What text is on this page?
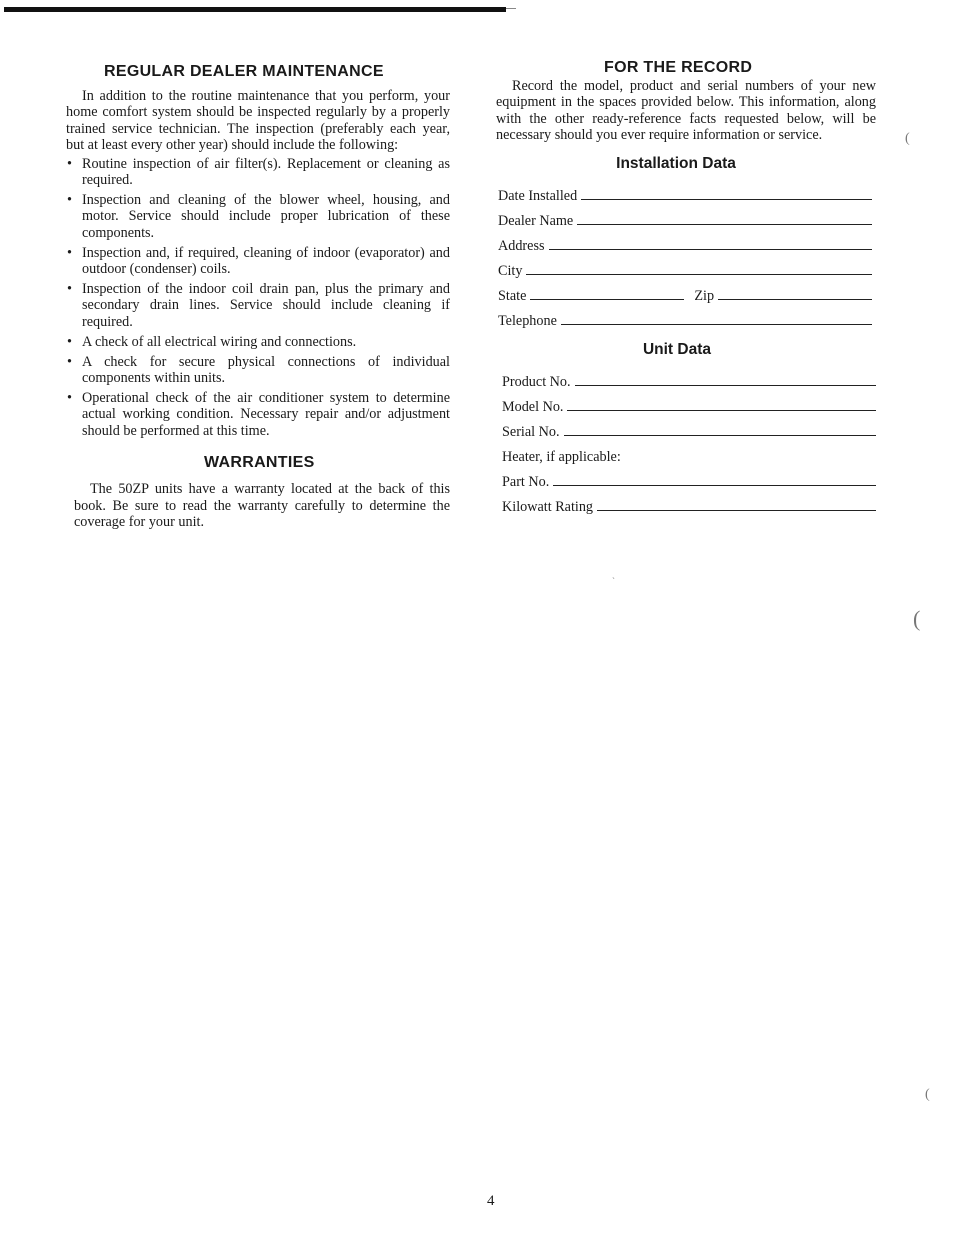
REGULAR DEALER MAINTENANCE

In addition to the routine maintenance that you perform, your home comfort system should be inspected regularly by a properly trained service technician. The inspection (preferably each year, but at least every other year) should include the following:

• Routine inspection of air filter(s). Replacement or cleaning as required.
• Inspection and cleaning of the blower wheel, housing, and motor. Service should include proper lubrication of these components.
• Inspection and, if required, cleaning of indoor (evaporator) and outdoor (condenser) coils.
• Inspection of the indoor coil drain pan, plus the primary and secondary drain lines. Service should include cleaning if required.
• A check of all electrical wiring and connections.
• A check for secure physical connections of individual components within units.
• Operational check of the air conditioner system to determine actual working condition. Necessary repair and/or adjustment should be performed at this time.
WARRANTIES

The 50ZP units have a warranty located at the back of this book. Be sure to read the warranty carefully to determine the coverage for your unit.

FOR THE RECORD

Record the model, product and serial numbers of your new equipment in the spaces provided below. This information, along with the other ready-reference facts requested below, will be necessary should you ever require information or service.

Installation Data
Date Installed
Dealer Name
Address
City
State	Zip
Telephone
Unit Data
Product No.
Model No.
Serial No.
Heater, if applicable:
Part No.
Kilowatt Rating
(
`
(
(
4
